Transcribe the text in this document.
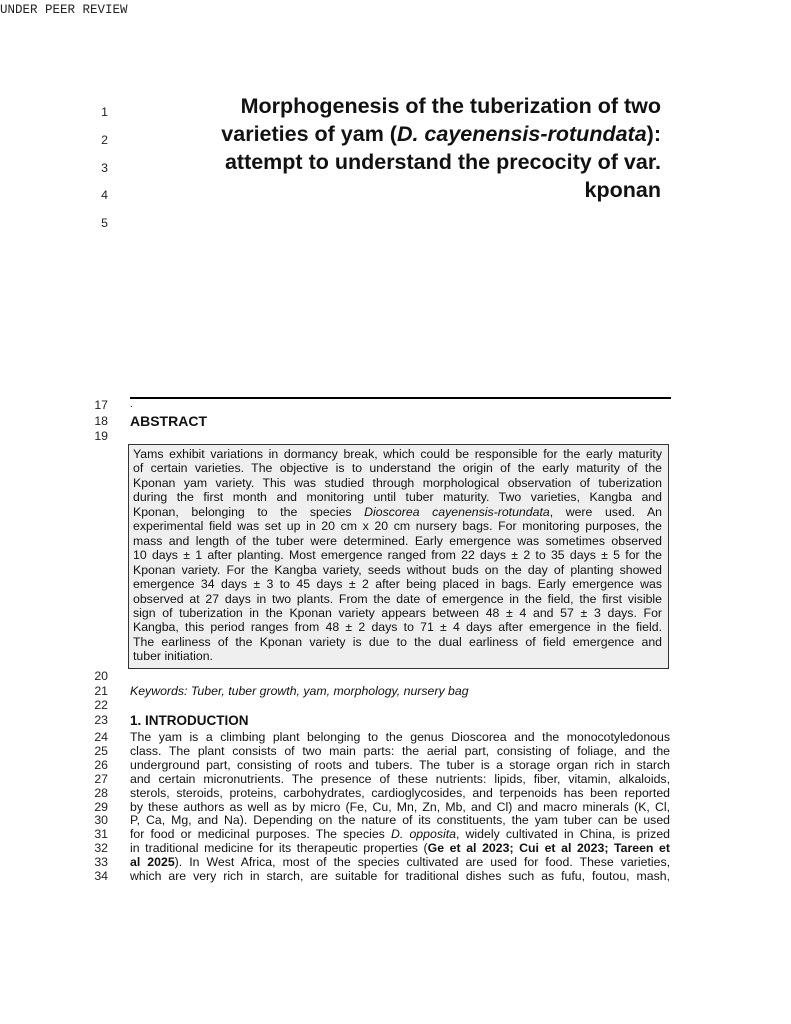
UNDER PEER REVIEW
Morphogenesis of the tuberization of two
varieties of yam (D. cayenensis-rotundata):
attempt to understand the precocity of var.
kponan
.
ABSTRACT
Yams exhibit variations in dormancy break, which could be responsible for the early maturity
of certain varieties. The objective is to understand the origin of the early maturity of the
Kponan yam variety. This was studied through morphological observation of tuberization
during the first month and monitoring until tuber maturity. Two varieties, Kangba and
Kponan, belonging to the species Dioscorea cayenensis-rotundata, were used. An
experimental field was set up in 20 cm x 20 cm nursery bags. For monitoring purposes, the
mass and length of the tuber were determined. Early emergence was sometimes observed
10 days ± 1 after planting. Most emergence ranged from 22 days ± 2 to 35 days ± 5 for the
Kponan variety. For the Kangba variety, seeds without buds on the day of planting showed
emergence 34 days ± 3 to 45 days ± 2 after being placed in bags. Early emergence was
observed at 27 days in two plants. From the date of emergence in the field, the first visible
sign of tuberization in the Kponan variety appears between 48 ± 4 and 57 ± 3 days. For
Kangba, this period ranges from 48 ± 2 days to 71 ± 4 days after emergence in the field.
The earliness of the Kponan variety is due to the dual earliness of field emergence and
tuber initiation.
Keywords: Tuber, tuber growth, yam, morphology, nursery bag
1. INTRODUCTION
The yam is a climbing plant belonging to the genus Dioscorea and the monocotyledonous
class. The plant consists of two main parts: the aerial part, consisting of foliage, and the
underground part, consisting of roots and tubers. The tuber is a storage organ rich in starch
and certain micronutrients. The presence of these nutrients: lipids, fiber, vitamin, alkaloids,
sterols, steroids, proteins, carbohydrates, cardioglycosides, and terpenoids has been reported
by these authors as well as by micro (Fe, Cu, Mn, Zn, Mb, and Cl) and macro minerals (K, Cl,
P, Ca, Mg, and Na). Depending on the nature of its constituents, the yam tuber can be used
for food or medicinal purposes. The species D. opposita, widely cultivated in China, is prized
in traditional medicine for its therapeutic properties (Ge et al 2023; Cui et al 2023; Tareen et
al 2025). In West Africa, most of the species cultivated are used for food. These varieties,
which are very rich in starch, are suitable for traditional dishes such as fufu, foutou, mash,
1
2
3
4
5
17
18
19
20
21
22
23
24
25
26
27
28
29
30
31
32
33
34
